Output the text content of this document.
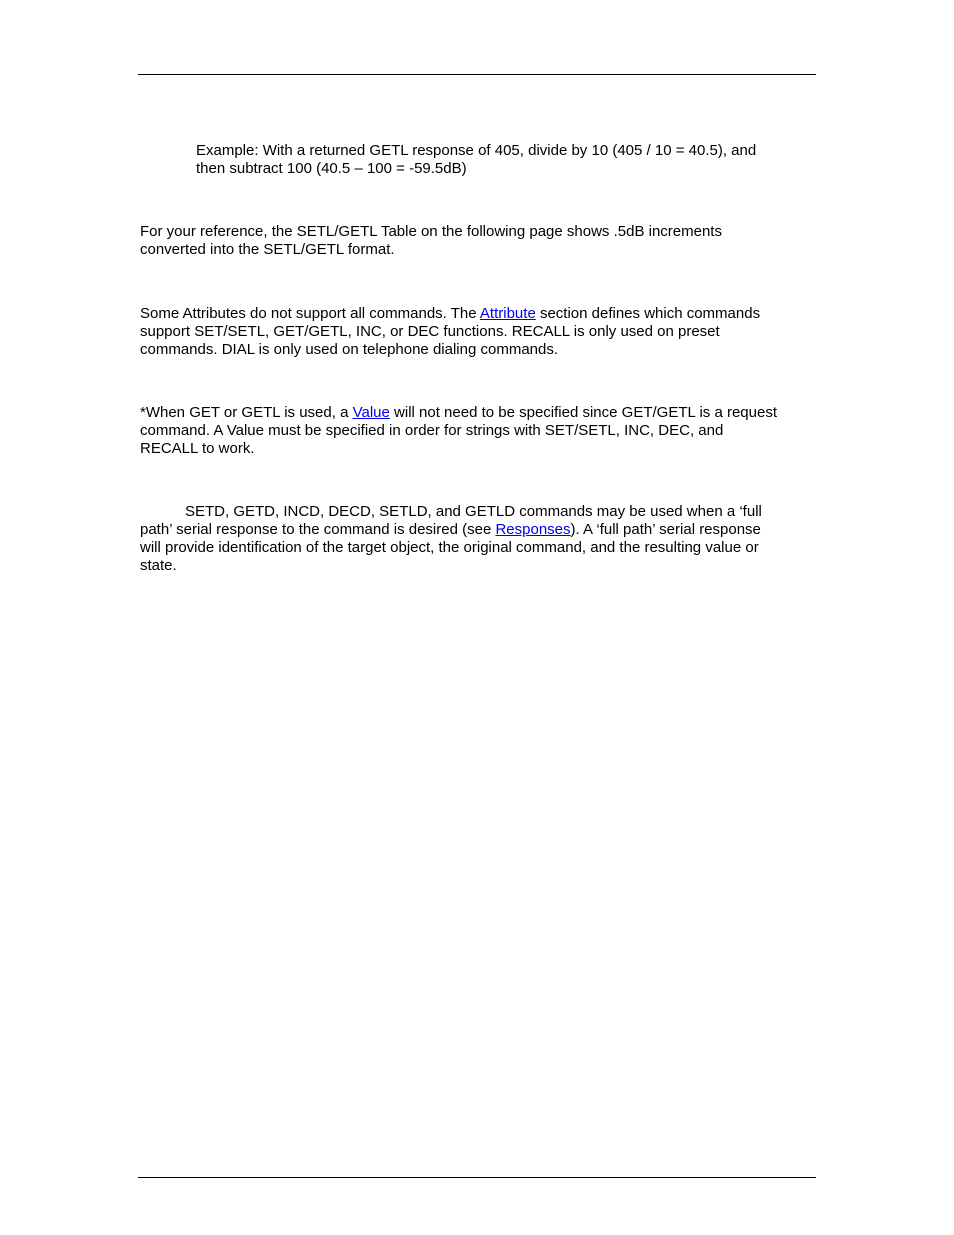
Example: With a returned GETL response of 405, divide by 10 (405 / 10 = 40.5), and
then subtract 100 (40.5 – 100 = -59.5dB)

For your reference, the SETL/GETL Table on the following page shows .5dB increments
converted into the SETL/GETL format.

Some Attributes do not support all commands. The Attribute section defines which commands
support SET/SETL, GET/GETL, INC, or DEC functions. RECALL is only used on preset
commands. DIAL is only used on telephone dialing commands.

*When GET or GETL is used, a Value will not need to be specified since GET/GETL is a request
command. A Value must be specified in order for strings with SET/SETL, INC, DEC, and
RECALL to work.

SETD, GETD, INCD, DECD, SETLD, and GETLD commands may be used when a ‘full
path’ serial response to the command is desired (see Responses). A ‘full path’ serial response
will provide identification of the target object, the original command, and the resulting value or
state.
